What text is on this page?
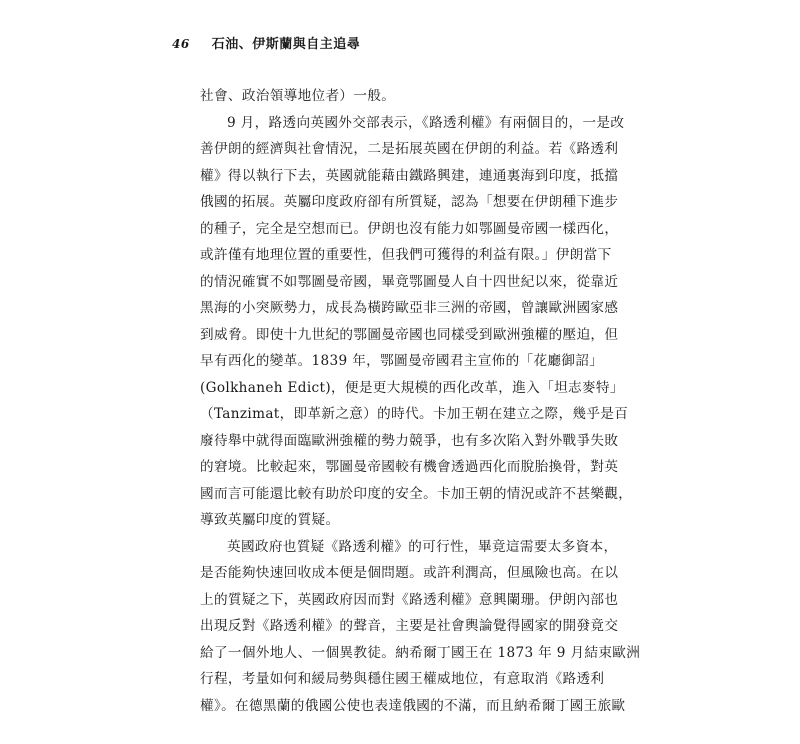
46 石油、伊斯蘭與自主追尋
社會、政治領導地位者）一般。
9 月，路透向英國外交部表示，《路透利權》有兩個目的，一是改
善伊朗的經濟與社會情況，二是拓展英國在伊朗的利益。若《路透利
權》得以執行下去，英國就能藉由鐵路興建，連通裏海到印度，抵擋
俄國的拓展。英屬印度政府卻有所質疑，認為「想要在伊朗種下進步
的種子，完全是空想而已。伊朗也沒有能力如鄂圖曼帝國一樣西化，
或許僅有地理位置的重要性，但我們可獲得的利益有限。」伊朗當下
的情況確實不如鄂圖曼帝國，畢竟鄂圖曼人自十四世紀以來，從靠近
黑海的小突厥勢力，成長為橫跨歐亞非三洲的帝國，曾讓歐洲國家感
到威脅。即使十九世紀的鄂圖曼帝國也同樣受到歐洲強權的壓迫，但
早有西化的變革。1839 年，鄂圖曼帝國君主宣佈的「花廳御詔」
(Golkhaneh Edict)，便是更大規模的西化改革，進入「坦志麥特」
（Tanzimat，即革新之意）的時代。卡加王朝在建立之際，幾乎是百
廢待舉中就得面臨歐洲強權的勢力競爭，也有多次陷入對外戰爭失敗
的窘境。比較起來，鄂圖曼帝國較有機會透過西化而脫胎換骨，對英
國而言可能還比較有助於印度的安全。卡加王朝的情況或許不甚樂觀，
導致英屬印度的質疑。
英國政府也質疑《路透利權》的可行性，畢竟這需要太多資本，
是否能夠快速回收成本便是個問題。或許利潤高，但風險也高。在以
上的質疑之下，英國政府因而對《路透利權》意興闌珊。伊朗內部也
出現反對《路透利權》的聲音，主要是社會輿論覺得國家的開發竟交
給了一個外地人、一個異教徒。納希爾丁國王在 1873 年 9 月結束歐洲
行程，考量如何和緩局勢與穩住國王權威地位，有意取消《路透利
權》。在德黑蘭的俄國公使也表達俄國的不滿，而且納希爾丁國王旅歐
